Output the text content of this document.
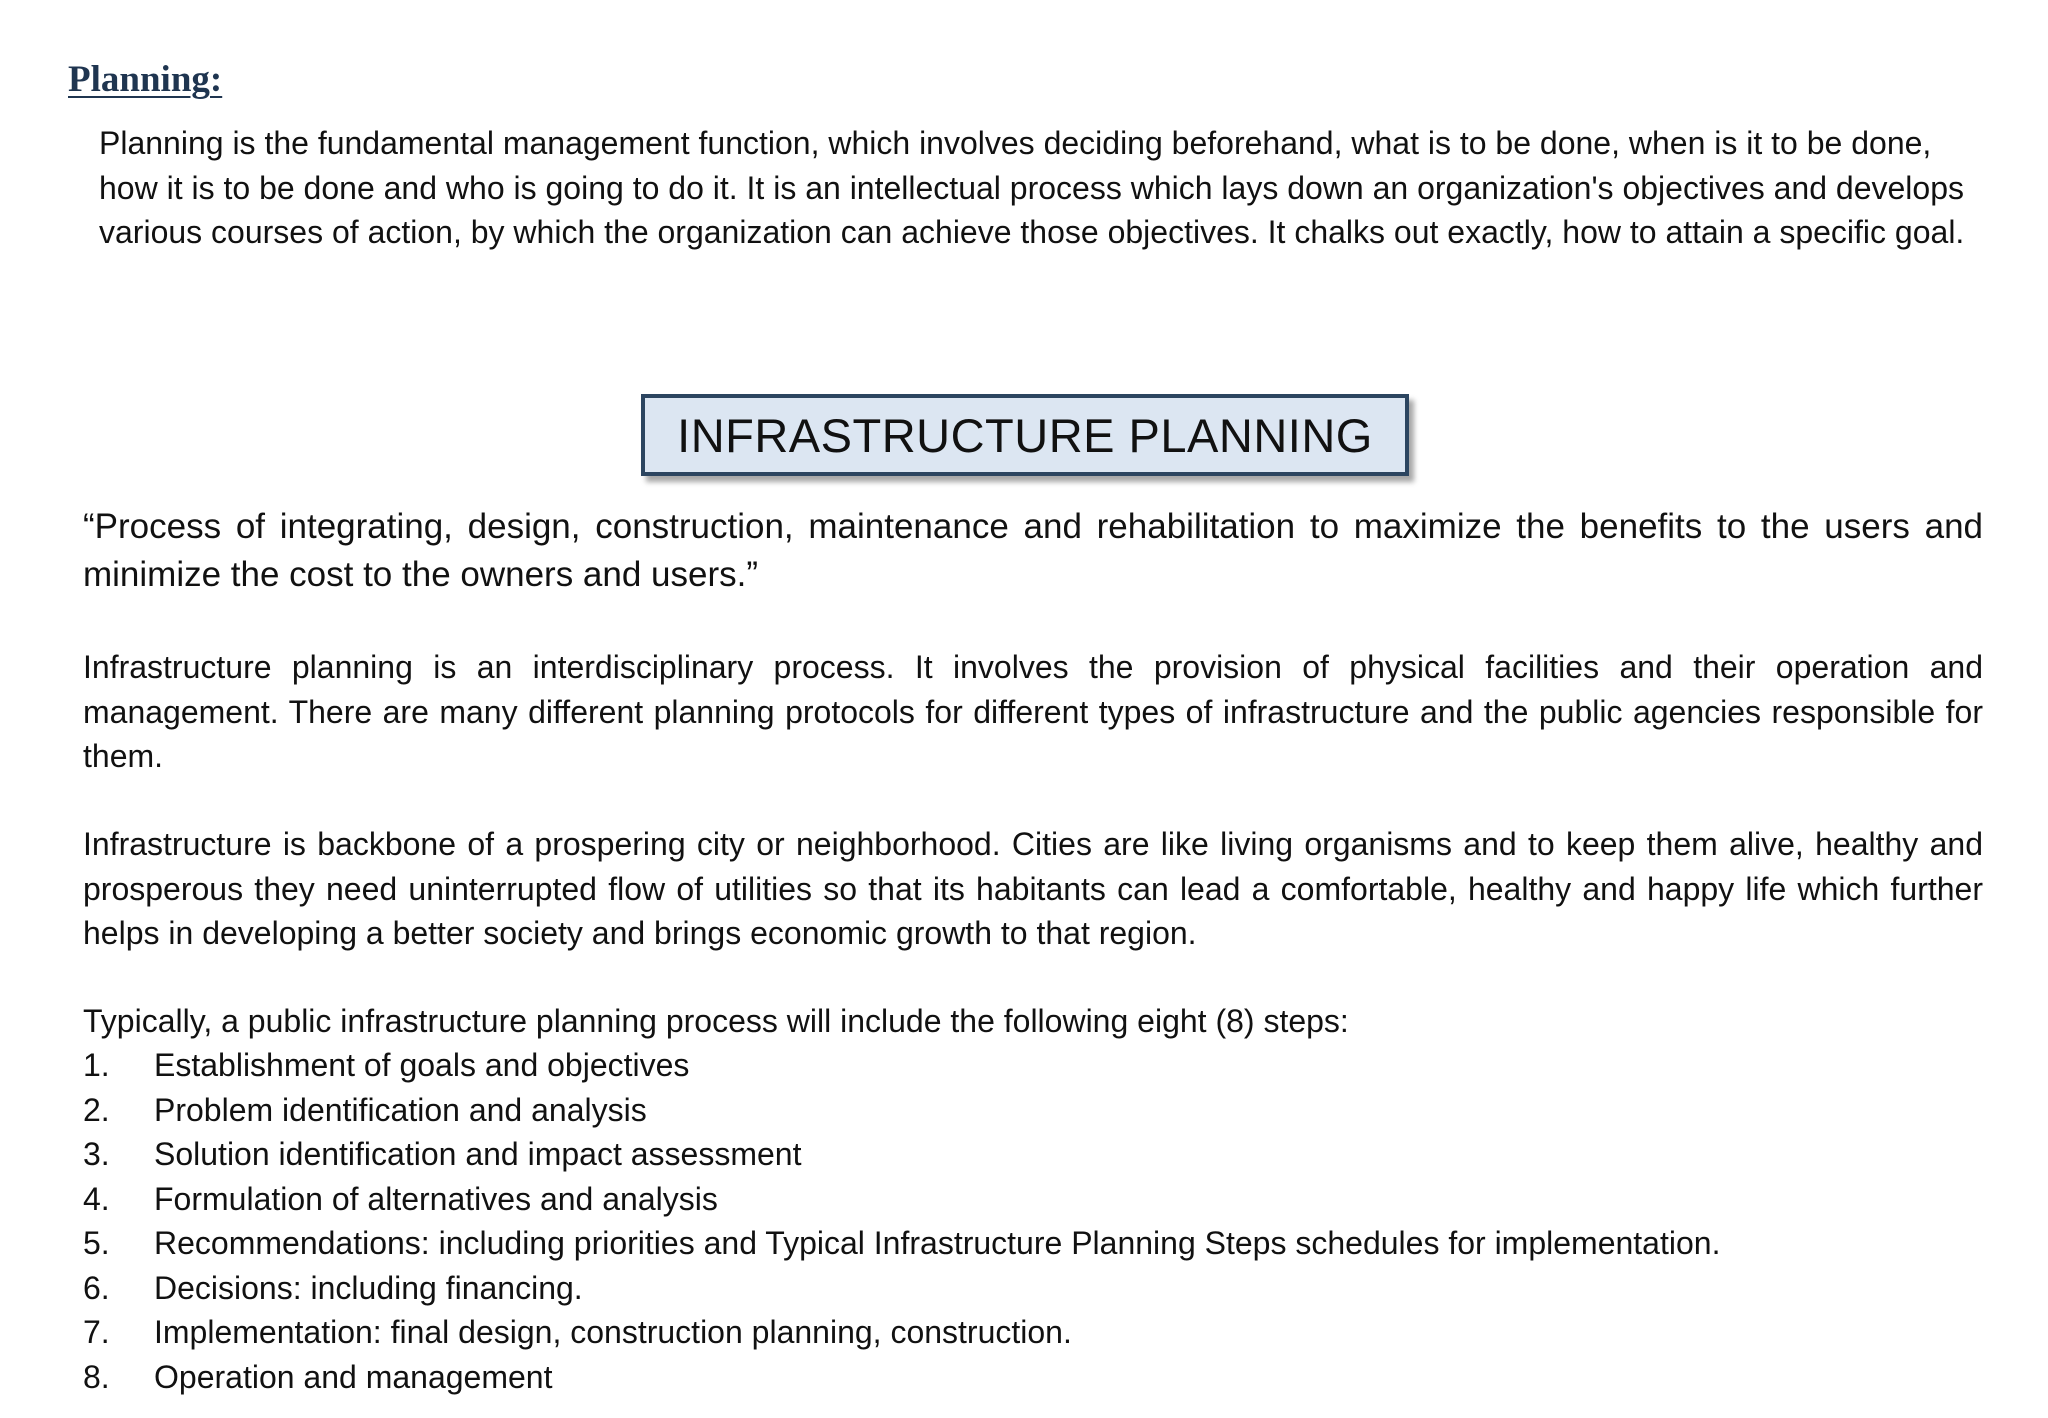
Planning:

Planning is the fundamental management function, which involves deciding beforehand, what is to be done, when is it to be done, how it is to be done and who is going to do it. It is an intellectual process which lays down an organization's objectives and develops various courses of action, by which the organization can achieve those objectives. It chalks out exactly, how to attain a specific goal.

INFRASTRUCTURE PLANNING

“Process of integrating, design, construction, maintenance and rehabilitation to maximize the benefits to the users and minimize the cost to the owners and users.”

Infrastructure planning is an interdisciplinary process. It involves the provision of physical facilities and their operation and management. There are many different planning protocols for different types of infrastructure and the public agencies responsible for them.

Infrastructure is backbone of a prospering city or neighborhood. Cities are like living organisms and to keep them alive, healthy and prosperous they need uninterrupted flow of utilities so that its habitants can lead a comfortable, healthy and happy life which further helps in developing a better society and brings economic growth to that region.

Typically, a public infrastructure planning process will include the following eight (8) steps:

1.	Establishment of goals and objectives
2.	Problem identification and analysis
3.	Solution identification and impact assessment
4.	Formulation of alternatives and analysis
5.	Recommendations: including priorities and Typical Infrastructure Planning Steps schedules for implementation.
6.	Decisions: including financing.
7.	Implementation: final design, construction planning, construction.
8.	Operation and management
